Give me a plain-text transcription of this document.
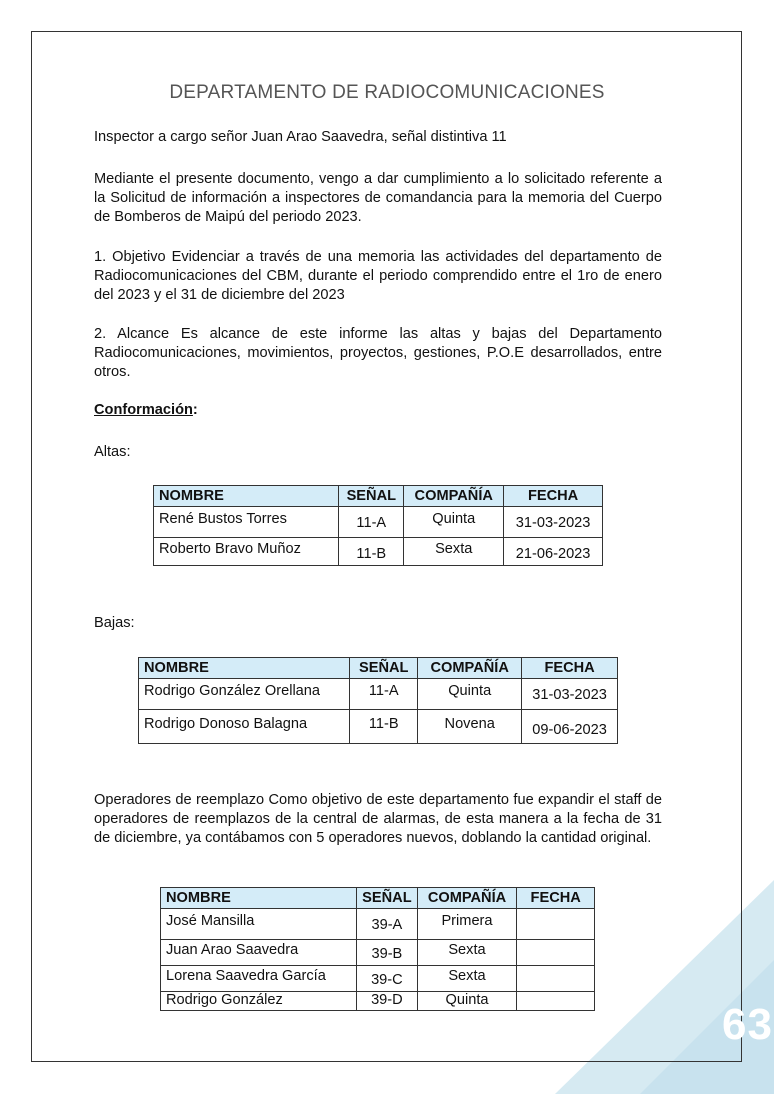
63
DEPARTAMENTO DE RADIOCOMUNICACIONES

Inspector a cargo señor Juan Arao Saavedra, señal distintiva 11

Mediante el presente documento, vengo a dar cumplimiento a lo solicitado referente a la Solicitud de información a inspectores de comandancia para la memoria del Cuerpo de Bomberos de Maipú del periodo 2023.

1. Objetivo Evidenciar a través de una memoria las actividades del departamento de Radiocomunicaciones del CBM, durante el periodo comprendido entre el 1ro de enero del 2023 y el 31 de diciembre del 2023

2. Alcance Es alcance de este informe las altas y bajas del Departamento Radiocomunicaciones, movimientos, proyectos, gestiones, P.O.E desarrollados, entre otros.

Conformación:
Altas:
NOMBRE	SEÑAL	COMPAÑÍA	FECHA
René Bustos Torres	11-A	Quinta	31-03-2023
Roberto Bravo Muñoz	11-B	Sexta	21-06-2023
Bajas:
NOMBRE	SEÑAL	COMPAÑÍA	FECHA
Rodrigo González Orellana	11-A	Quinta	31-03-2023
Rodrigo Donoso Balagna	11-B	Novena	09-06-2023

Operadores de reemplazo Como objetivo de este departamento fue expandir el staff de operadores de reemplazos de la central de alarmas, de esta manera a la fecha de 31 de diciembre, ya contábamos con 5 operadores nuevos, doblando la cantidad original.

NOMBRE	SEÑAL	COMPAÑÍA	FECHA
José Mansilla	39-A	Primera	
Juan Arao Saavedra	39-B	Sexta	
Lorena Saavedra García	39-C	Sexta	
Rodrigo González	39-D	Quinta	
